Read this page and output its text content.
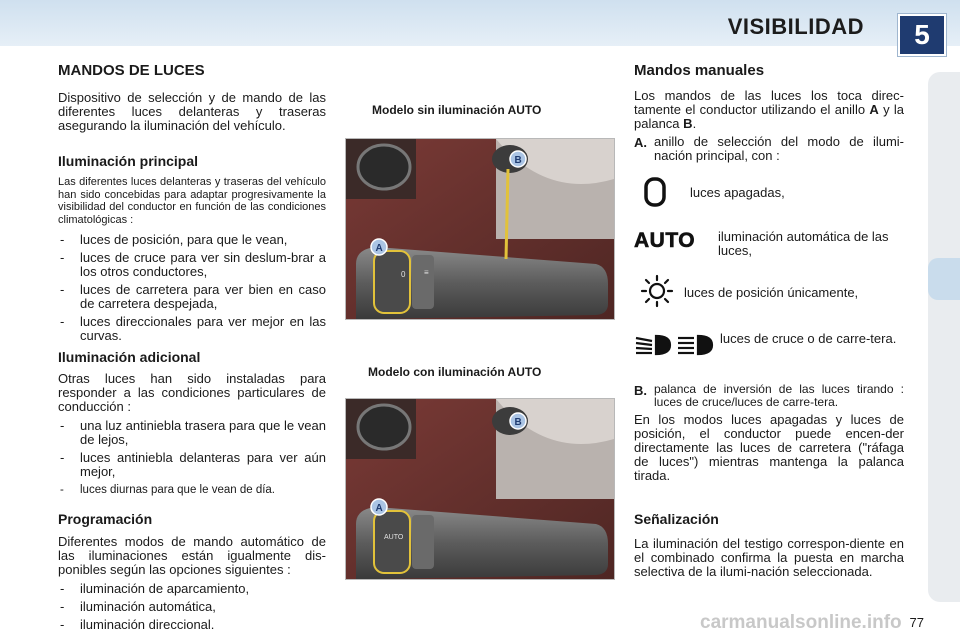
VISIBILIDAD	5
MANDOS DE LUCES

Dispositivo de selección y de mando de las diferentes luces delanteras y traseras asegurando la iluminación del vehículo.

Iluminación principal

Las diferentes luces delanteras y traseras del vehículo han sido concebidas para adaptar progresivamente la visibilidad del conductor en función de las condiciones climatológicas :

- luces de posición, para que le vean,
- luces de cruce para ver sin deslum-brar a los otros conductores,
- luces de carretera para ver bien en caso de carretera despejada,
- luces direccionales para ver mejor en las curvas.
Iluminación adicional

Otras luces han sido instaladas para responder a las condiciones particulares de conducción :

- una luz antiniebla trasera para que le vean de lejos,
- luces antiniebla delanteras para ver aún mejor,
- luces diurnas para que le vean de día.
Programación

Diferentes modos de mando automático de las iluminaciones están igualmente dis-ponibles según las opciones siguientes :

- iluminación de aparcamiento,
- iluminación automática,
- iluminación direccional.
Modelo sin iluminación AUTO
0 ≡
A
B
Modelo con iluminación AUTO
AUTO
A
B
Mandos manuales

Los mandos de las luces los toca direc-tamente el conductor utilizando el anillo A y la palanca B.

A. anillo de selección del modo de ilumi-nación principal, con :

luces apagadas,
AUTO	iluminación automática de las luces,
luces de posición únicamente,
luces de cruce o de carre-tera.
B. palanca de inversión de las luces tirando : luces de cruce/luces de carre-tera.

En los modos luces apagadas y luces de posición, el conductor puede encen-der directamente las luces de carretera ("ráfaga de luces") mientras mantenga la palanca tirada.

Señalización

La iluminación del testigo correspon-diente en el combinado confirma la puesta en marcha selectiva de la ilumi-nación seleccionada.

77
carmanualsonline.info
